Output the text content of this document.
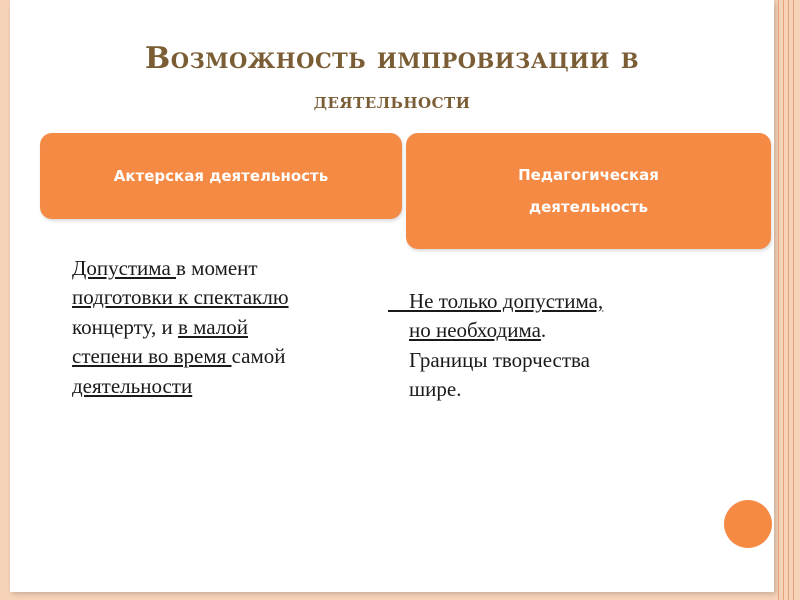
Возможность импровизации в
деятельности
Актерская деятельность	Педагогическая
деятельность
Допустима в момент
подготовки к спектаклю
концерту, и в малой
степени во время самой
деятельности
Не только допустима,
но необходима.
Границы творчества
шире.
